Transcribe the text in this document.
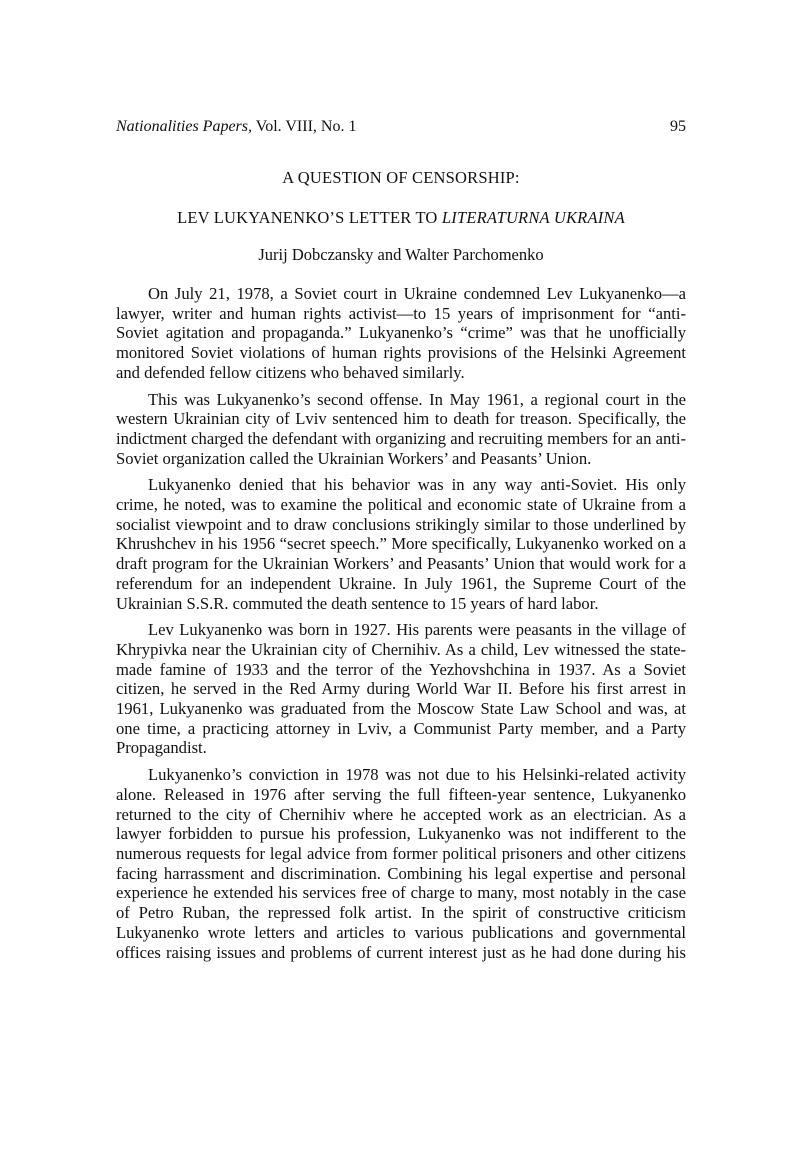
Nationalities Papers, Vol. VIII, No. 1	95
A QUESTION OF CENSORSHIP:
LEV LUKYANENKO’S LETTER TO LITERATURNA UKRAINA
Jurij Dobczansky and Walter Parchomenko

On July 21, 1978, a Soviet court in Ukraine condemned Lev Lukyanenko—a lawyer, writer and human rights activist—to 15 years of imprisonment for “anti-Soviet agitation and propaganda.” Lukyanenko’s “crime” was that he unofficially monitored Soviet violations of human rights provisions of the Helsinki Agreement and defended fellow citizens who behaved similarly.

This was Lukyanenko’s second offense. In May 1961, a regional court in the western Ukrainian city of Lviv sentenced him to death for treason. Specifically, the indictment charged the defendant with organizing and recruiting members for an anti-Soviet organization called the Ukrainian Workers’ and Peasants’ Union.

Lukyanenko denied that his behavior was in any way anti-Soviet. His only crime, he noted, was to examine the political and economic state of Ukraine from a socialist viewpoint and to draw conclusions strikingly similar to those underlined by Khrushchev in his 1956 “secret speech.” More specifically, Lukyanenko worked on a draft program for the Ukrainian Workers’ and Peasants’ Union that would work for a referendum for an independent Ukraine. In July 1961, the Supreme Court of the Ukrainian S.S.R. commuted the death sentence to 15 years of hard labor.

Lev Lukyanenko was born in 1927. His parents were peasants in the village of Khrypivka near the Ukrainian city of Chernihiv. As a child, Lev witnessed the state-made famine of 1933 and the terror of the Yezhovshchina in 1937. As a Soviet citizen, he served in the Red Army during World War II. Before his first arrest in 1961, Lukyanenko was graduated from the Moscow State Law School and was, at one time, a practicing attorney in Lviv, a Communist Party member, and a Party Propagandist.

Lukyanenko’s conviction in 1978 was not due to his Helsinki-related activity alone. Released in 1976 after serving the full fifteen-year sentence, Lukyanenko returned to the city of Chernihiv where he accepted work as an electrician. As a lawyer forbidden to pursue his profession, Lukyanenko was not indifferent to the numerous requests for legal advice from former political prisoners and other citizens facing harrassment and discrimination. Combining his legal expertise and personal experience he extended his services free of charge to many, most notably in the case of Petro Ruban, the repressed folk artist. In the spirit of constructive criticism Lukyanenko wrote letters and articles to various publications and governmental offices raising issues and problems of current interest just as he had done during his
